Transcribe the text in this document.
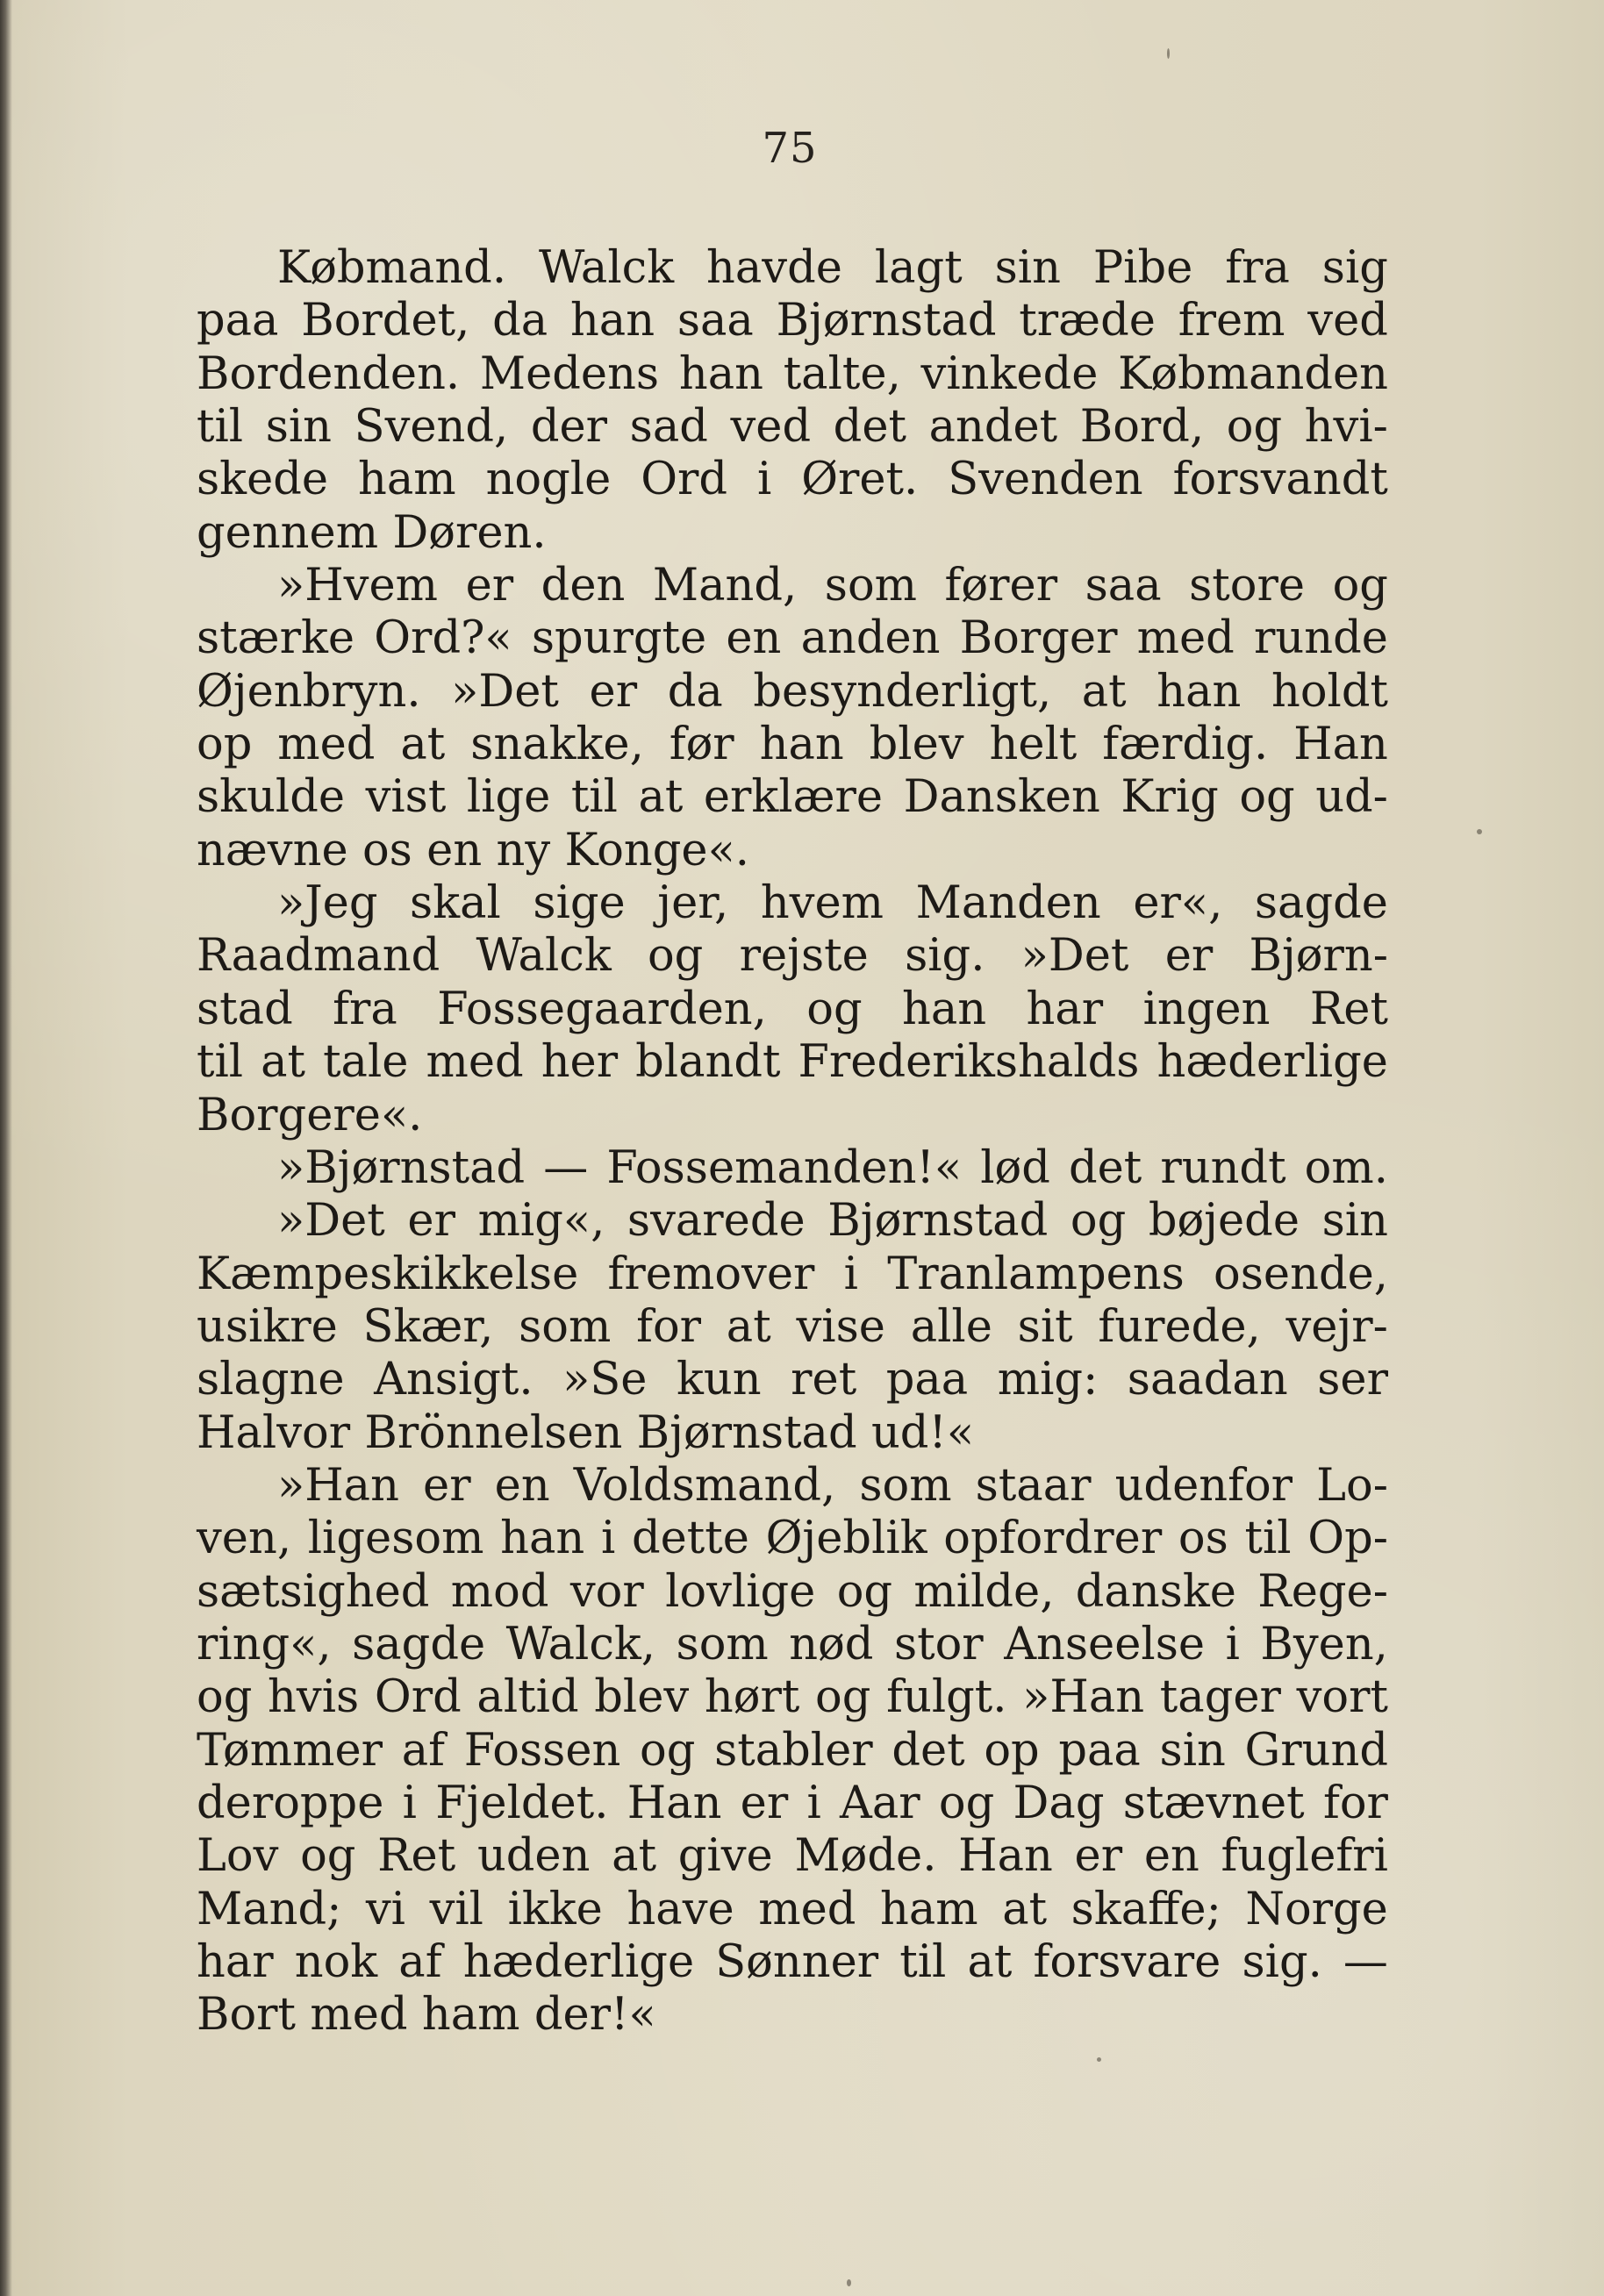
75
Købmand. Walck havde lagt sin Pibe fra sig
paa Bordet, da han saa Bjørnstad træde frem ved
Bordenden. Medens han talte, vinkede Købmanden
til sin Svend, der sad ved det andet Bord, og hvi-
skede ham nogle Ord i Øret. Svenden forsvandt
gennem Døren.
»Hvem er den Mand, som fører saa store og
stærke Ord?« spurgte en anden Borger med runde
Øjenbryn. »Det er da besynderligt, at han holdt
op med at snakke, før han blev helt færdig. Han
skulde vist lige til at erklære Dansken Krig og ud-
nævne os en ny Konge«.
»Jeg skal sige jer, hvem Manden er«, sagde
Raadmand Walck og rejste sig. »Det er Bjørn-
stad fra Fossegaarden, og han har ingen Ret
til at tale med her blandt Frederikshalds hæderlige
Borgere«.
»Bjørnstad — Fossemanden!« lød det rundt om.
»Det er mig«, svarede Bjørnstad og bøjede sin
Kæmpeskikkelse fremover i Tranlampens osende,
usikre Skær, som for at vise alle sit furede, vejr-
slagne Ansigt. »Se kun ret paa mig: saadan ser
Halvor Brönnelsen Bjørnstad ud!«
»Han er en Voldsmand, som staar udenfor Lo-
ven, ligesom han i dette Øjeblik opfordrer os til Op-
sætsighed mod vor lovlige og milde, danske Rege-
ring«, sagde Walck, som nød stor Anseelse i Byen,
og hvis Ord altid blev hørt og fulgt. »Han tager vort
Tømmer af Fossen og stabler det op paa sin Grund
deroppe i Fjeldet. Han er i Aar og Dag stævnet for
Lov og Ret uden at give Møde. Han er en fuglefri
Mand; vi vil ikke have med ham at skaffe; Norge
har nok af hæderlige Sønner til at forsvare sig. —
Bort med ham der!«
